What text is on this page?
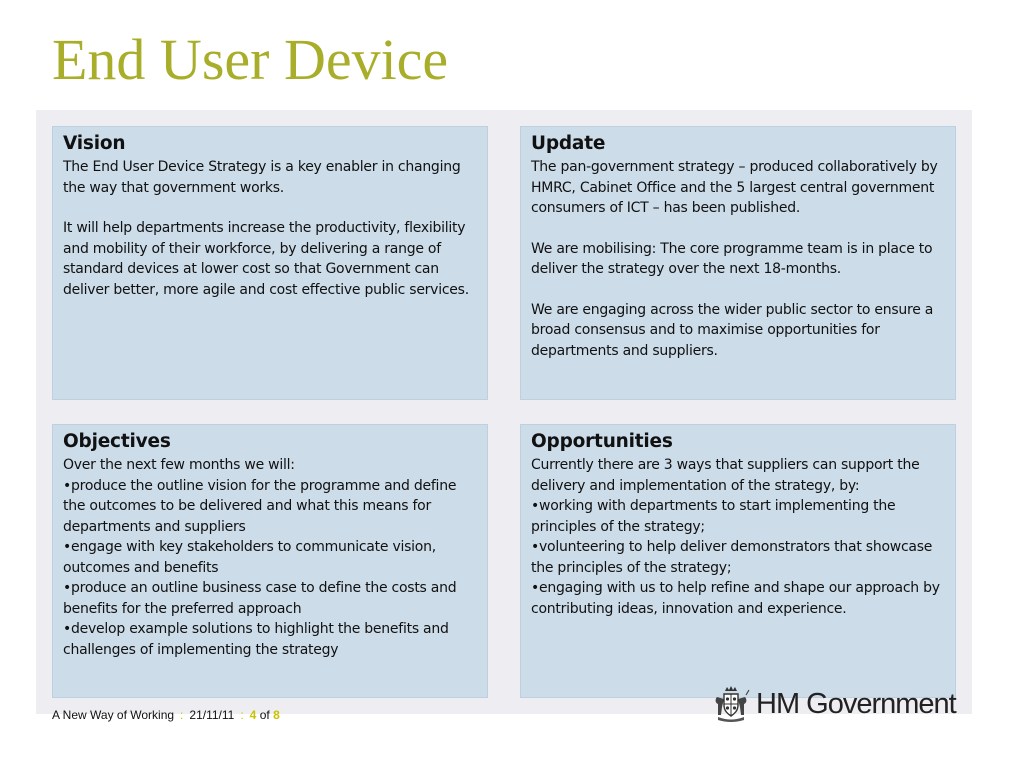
End User Device
Vision

The End User Device Strategy is a key enabler in changing the way that government works.

It will help departments increase the productivity, flexibility and mobility of their workforce, by delivering a range of standard devices at lower cost so that Government can deliver better, more agile and cost effective public services.

Update

The pan-government strategy – produced collaboratively by HMRC, Cabinet Office and the 5 largest central government consumers of ICT – has been published.

We are mobilising: The core programme team is in place to deliver the strategy over the next 18-months.

We are engaging across the wider public sector to ensure a broad consensus and to maximise opportunities for departments and suppliers.

Objectives

Over the next few months we will:

•produce the outline vision for the programme and define the outcomes to be delivered and what this means for departments and suppliers

•engage with key stakeholders to communicate vision, outcomes and benefits

•produce an outline business case to define the costs and benefits for the preferred approach

•develop example solutions to highlight the benefits and challenges of implementing the strategy

Opportunities

Currently there are 3 ways that suppliers can support the delivery and implementation of the strategy, by:

•working with departments to start implementing the principles of the strategy;

•volunteering to help deliver demonstrators that showcase the principles of the strategy;

•engaging with us to help refine and shape our approach by contributing ideas, innovation and experience.

A New Way of Working : 21/11/11 : 4 of 8	HM Government
